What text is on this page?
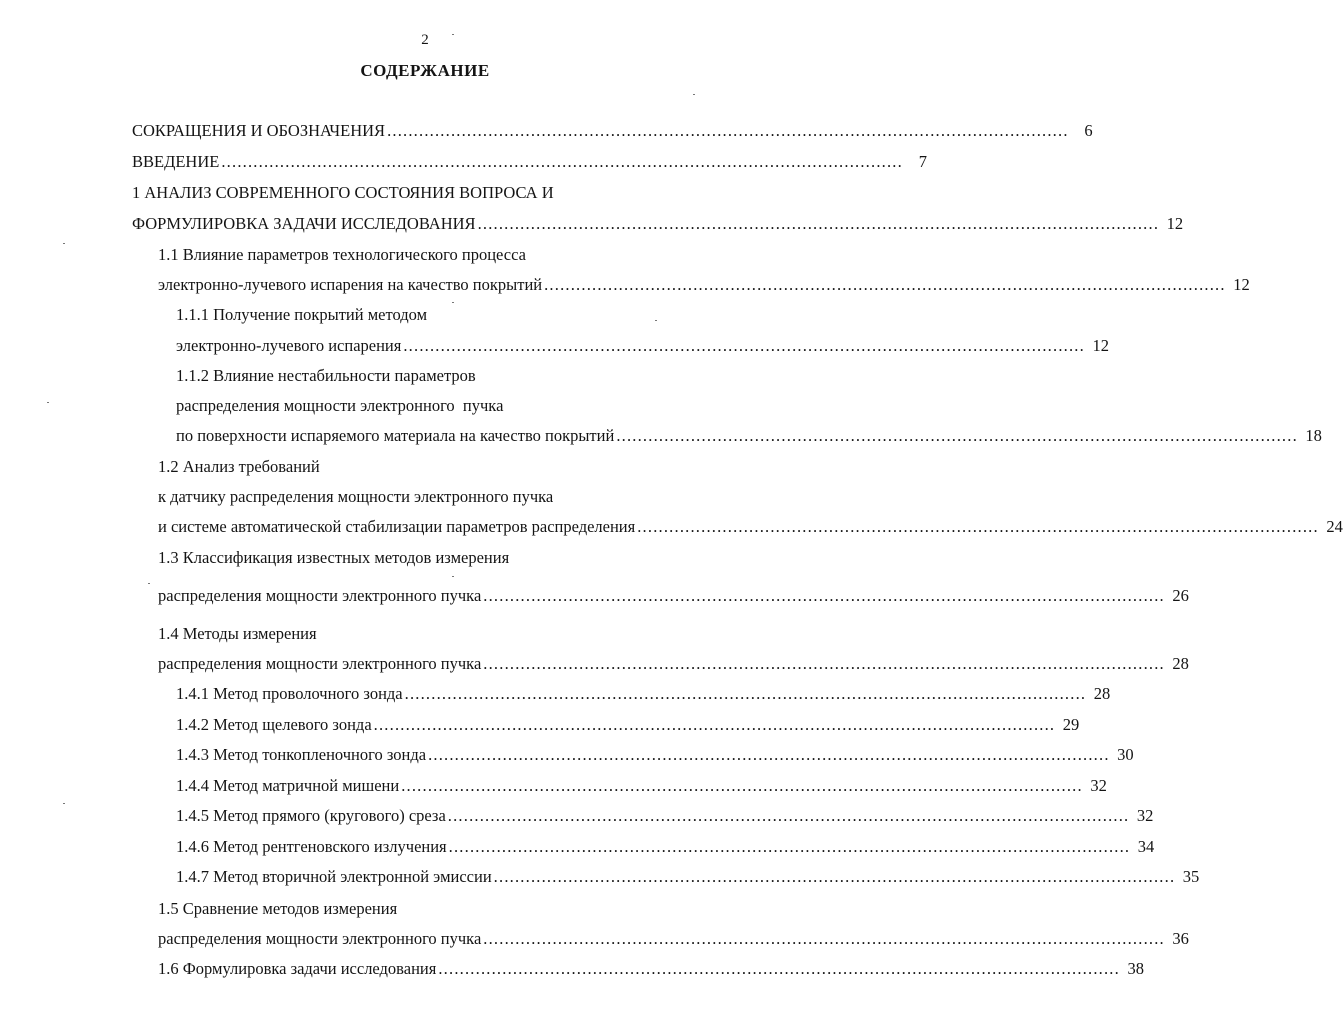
2
СОДЕРЖАНИЕ
СОКРАЩЕНИЯ И ОБОЗНАЧЕНИЯ ................................................................................................................................ 6
ВВЕДЕНИЕ ................................................................................................................................ 7
1 АНАЛИЗ СОВРЕМЕННОГО СОСТОЯНИЯ ВОПРОСА И
ФОРМУЛИРОВКА ЗАДАЧИ ИССЛЕДОВАНИЯ ................................................................................................................................ 12
1.1 Влияние параметров технологического процесса
электронно-лучевого испарения на качество покрытий ................................................................................................................................ 12
1.1.1 Получение покрытий методом
электронно-лучевого испарения ................................................................................................................................ 12
1.1.2 Влияние нестабильности параметров
распределения мощности электронного  пучка
по поверхности испаряемого материала на качество покрытий ................................................................................................................................ 18
1.2 Анализ требований
к датчику распределения мощности электронного пучка
и системе автоматической стабилизации параметров распределения ................................................................................................................................ 24
1.3 Классификация известных методов измерения
распределения мощности электронного пучка ................................................................................................................................ 26
1.4 Методы измерения
распределения мощности электронного пучка ................................................................................................................................ 28
1.4.1 Метод проволочного зонда ................................................................................................................................ 28
1.4.2 Метод щелевого зонда ................................................................................................................................ 29
1.4.3 Метод тонкопленочного зонда ................................................................................................................................ 30
1.4.4 Метод матричной мишени ................................................................................................................................ 32
1.4.5 Метод прямого (кругового) среза ................................................................................................................................ 32
1.4.6 Метод рентгеновского излучения ................................................................................................................................ 34
1.4.7 Метод вторичной электронной эмиссии ................................................................................................................................ 35
1.5 Сравнение методов измерения
распределения мощности электронного пучка ................................................................................................................................ 36
1.6 Формулировка задачи исследования ................................................................................................................................ 38
